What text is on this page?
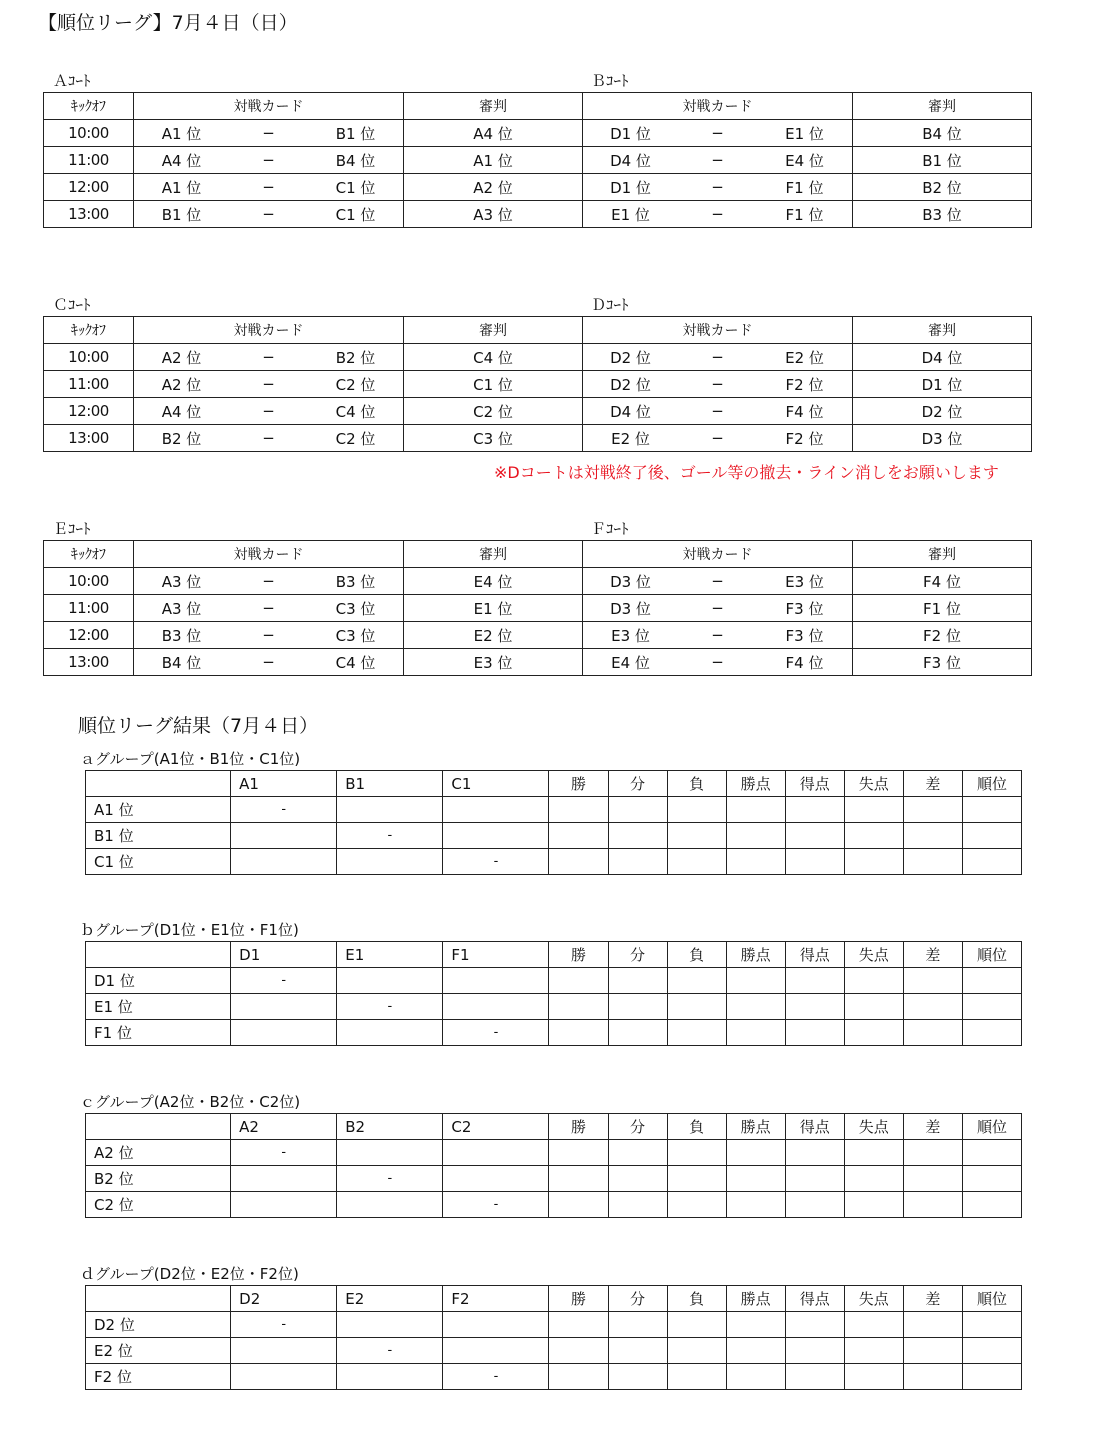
【順位リーグ】7月４日（日）
Ａｺｰﾄ	Ｂｺｰﾄ
ｷｯｸｵﾌ	対戦カード	審判	対戦カード	審判
10:00	A1 位 − B1 位	A4 位	D1 位 − E1 位	B4 位
11:00	A4 位 − B4 位	A1 位	D4 位 − E4 位	B1 位
12:00	A1 位 − C1 位	A2 位	D1 位 − F1 位	B2 位
13:00	B1 位 − C1 位	A3 位	E1 位 − F1 位	B3 位
Ｃｺｰﾄ	Ｄｺｰﾄ
ｷｯｸｵﾌ	対戦カード	審判	対戦カード	審判
10:00	A2 位 − B2 位	C4 位	D2 位 − E2 位	D4 位
11:00	A2 位 − C2 位	C1 位	D2 位 − F2 位	D1 位
12:00	A4 位 − C4 位	C2 位	D4 位 − F4 位	D2 位
13:00	B2 位 − C2 位	C3 位	E2 位 − F2 位	D3 位
Ｅｺｰﾄ	Ｆｺｰﾄ
ｷｯｸｵﾌ	対戦カード	審判	対戦カード	審判
10:00	A3 位 − B3 位	E4 位	D3 位 − E3 位	F4 位
11:00	A3 位 − C3 位	E1 位	D3 位 − F3 位	F1 位
12:00	B3 位 − C3 位	E2 位	E3 位 − F3 位	F2 位
13:00	B4 位 − C4 位	E3 位	E4 位 − F4 位	F3 位
※Dコートは対戦終了後、ゴール等の撤去・ライン消しをお願いします
順位リーグ結果（7月４日）
ａグループ(A1位・B1位・C1位)
	A1	B1	C1	勝	分	負	勝点	得点	失点	差	順位
A1 位	-										
B1 位		-									
C1 位			-								
ｂグループ(D1位・E1位・F1位)
	D1	E1	F1	勝	分	負	勝点	得点	失点	差	順位
D1 位	-										
E1 位		-									
F1 位			-								
ｃグループ(A2位・B2位・C2位)
	A2	B2	C2	勝	分	負	勝点	得点	失点	差	順位
A2 位	-										
B2 位		-									
C2 位			-								
ｄグループ(D2位・E2位・F2位)
	D2	E2	F2	勝	分	負	勝点	得点	失点	差	順位
D2 位	-										
E2 位		-									
F2 位			-								
